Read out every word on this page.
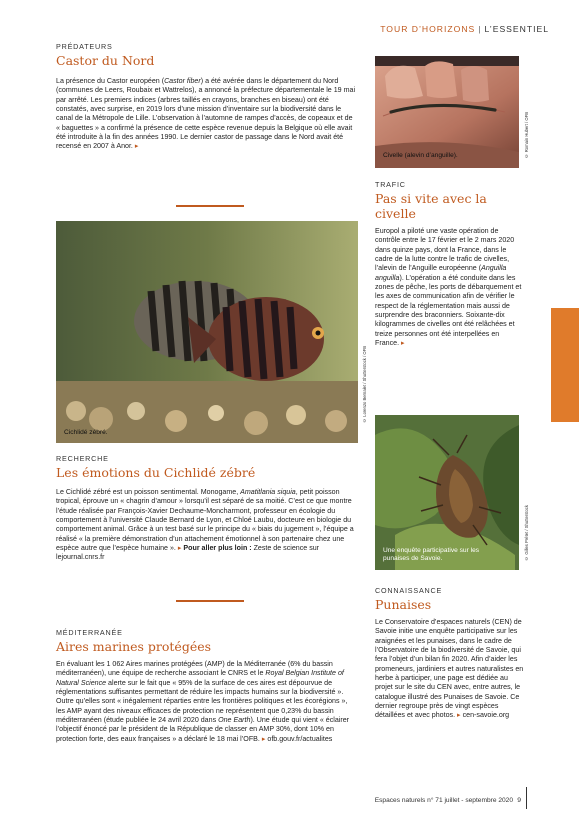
TOUR D’HORIZONS | L’ESSENTIEL
PRÉDATEURS
Castor du Nord
La présence du Castor européen (Castor fiber) a été avérée dans le département du Nord (communes de Leers, Roubaix et Wattrelos), a annoncé la préfecture départementale le 19 mai par arrêté. Les premiers indices (arbres taillés en crayons, branches en biseau) ont été constatés, avec surprise, en 2019 lors d’une mission d’inventaire sur la biodiversité dans le canal de la Métropole de Lille. L’observation à l’automne de rampes d’accès, de copeaux et de « baguettes » a confirmé la présence de cette espèce revenue depuis la Belgique où elle avait été introduite à la fin des années 1990. Le dernier castor de passage dans le Nord avait été recensé en 2007 à Anor. ▸
Civelle (alevin d’anguille).	© Romain Hubert / OFB
TRAFIC
Pas si vite avec la civelle
Europol a piloté une vaste opération de contrôle entre le 17 février et le 2 mars 2020 dans quinze pays, dont la France, dans le cadre de la lutte contre le trafic de civelles, l’alevin de l’Anguille européenne (Anguilla anguilla). L’opération a été conduite dans les zones de pêche, les ports de débarquement et les axes de communication afin de vérifier le respect de la réglementation mais aussi de surprendre des braconniers. Soixante-dix kilogrammes de civelles ont été relâchées et treize personnes ont été interpellées en France. ▸
Cichlidé zébré.
© Lorenzo Bernalet / Shutterstock / OFB
RECHERCHE
Les émotions du Cichlidé zébré
Le Cichlidé zébré est un poisson sentimental. Monogame, Amatitlania siquia, petit poisson tropical, éprouve un « chagrin d’amour » lorsqu’il est séparé de sa moitié. C’est ce que montre l’étude réalisée par François-Xavier Dechaume-Moncharmont, professeur en écologie du comportement à l’université Claude Bernard de Lyon, et Chloé Laubu, docteure en biologie du comportement animal. Grâce à un test basé sur le principe du « biais du jugement », l’équipe a réalisé « la première démonstration d’un attachement émotionnel à son partenaire chez une espèce autre que l’espèce humaine ». ▸ Pour aller plus loin : Zeste de science sur lejournal.cnrs.fr
Une enquête participative sur les punaises de Savoie.	© Gilles Prétet / Shutterstock
CONNAISSANCE
Punaises
Le Conservatoire d’espaces naturels (CEN) de Savoie initie une enquête participative sur les araignées et les punaises, dans le cadre de l’Observatoire de la biodiversité de Savoie, qui fera l’objet d’un bilan fin 2020. Afin d’aider les promeneurs, jardiniers et autres naturalistes en herbe à participer, une page est dédiée au projet sur le site du CEN avec, entre autres, le catalogue illustré des Punaises de Savoie. Ce dernier regroupe près de vingt espèces détaillées et avec photos. ▸ cen-savoie.org
MÉDITERRANÉE
Aires marines protégées
En évaluant les 1 062 Aires marines protégées (AMP) de la Méditerranée (6% du bassin méditerranéen), une équipe de recherche associant le CNRS et le Royal Belgian Institute of Natural Science alerte sur le fait que « 95% de la surface de ces aires est dépourvue de réglementations suffisantes permettant de réduire les impacts humains sur la biodiversité ». Outre qu’elles sont « inégalement réparties entre les frontières politiques et les écorégions », les AMP ayant des niveaux efficaces de protection ne représentent que 0,23% du bassin méditerranéen (étude publiée le 24 avril 2020 dans One Earth). Une étude qui vient « éclairer l’objectif énoncé par le président de la République de classer en AMP 30%, dont 10% en protection forte, des eaux françaises » a déclaré le 18 mai l’OFB. ▸ ofb.gouv.fr/actualites
Espaces naturels n° 71 juillet - septembre 2020 9
